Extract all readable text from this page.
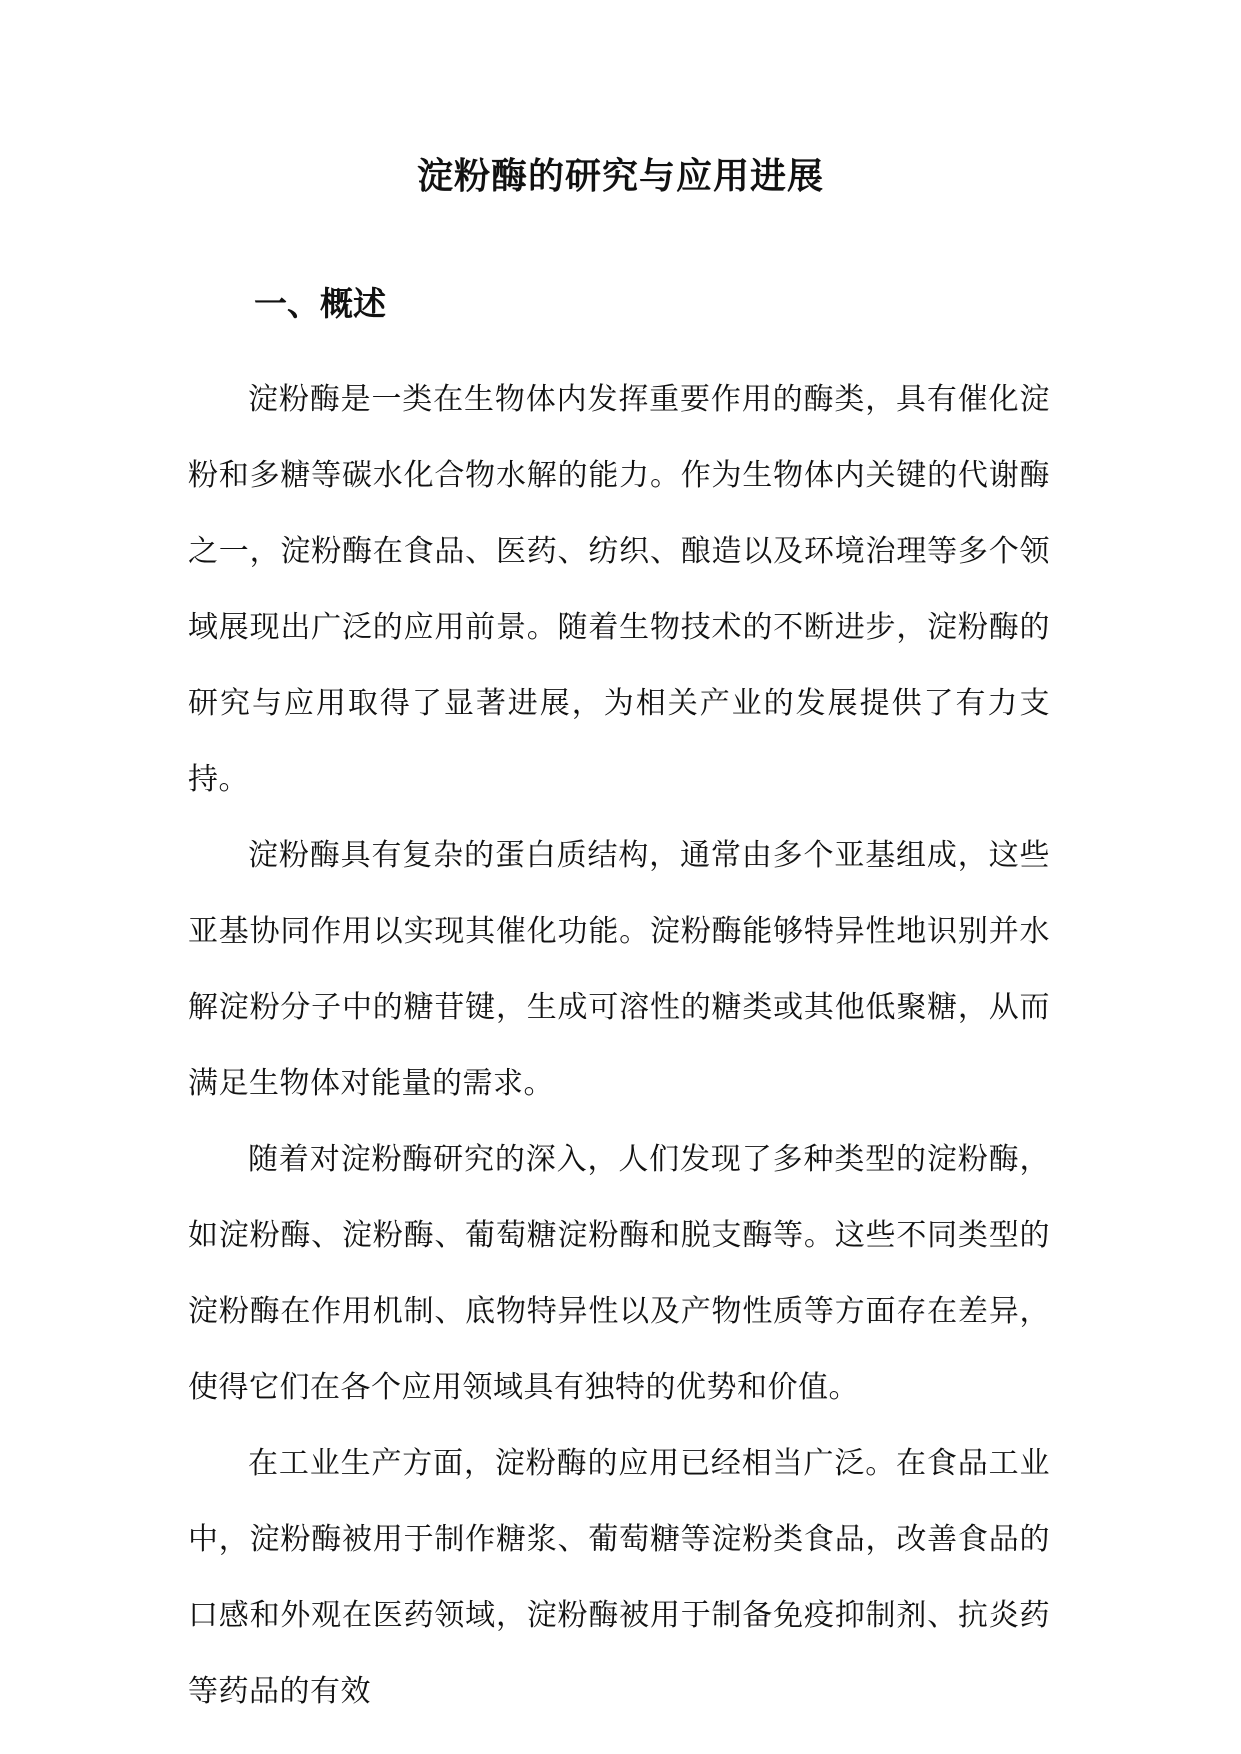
淀粉酶的研究与应用进展
一、概述

淀粉酶是一类在生物体内发挥重要作用的酶类，具有催化淀粉和多糖等碳水化合物水解的能力。作为生物体内关键的代谢酶之一，淀粉酶在食品、医药、纺织、酿造以及环境治理等多个领域展现出广泛的应用前景。随着生物技术的不断进步，淀粉酶的研究与应用取得了显著进展，为相关产业的发展提供了有力支持。

淀粉酶具有复杂的蛋白质结构，通常由多个亚基组成，这些亚基协同作用以实现其催化功能。淀粉酶能够特异性地识别并水解淀粉分子中的糖苷键，生成可溶性的糖类或其他低聚糖，从而满足生物体对能量的需求。

随着对淀粉酶研究的深入，人们发现了多种类型的淀粉酶，如淀粉酶、淀粉酶、葡萄糖淀粉酶和脱支酶等。这些不同类型的淀粉酶在作用机制、底物特异性以及产物性质等方面存在差异，使得它们在各个应用领域具有独特的优势和价值。

在工业生产方面，淀粉酶的应用已经相当广泛。在食品工业中，淀粉酶被用于制作糖浆、葡萄糖等淀粉类食品，改善食品的口感和外观在医药领域，淀粉酶被用于制备免疫抑制剂、抗炎药等药品的有效
